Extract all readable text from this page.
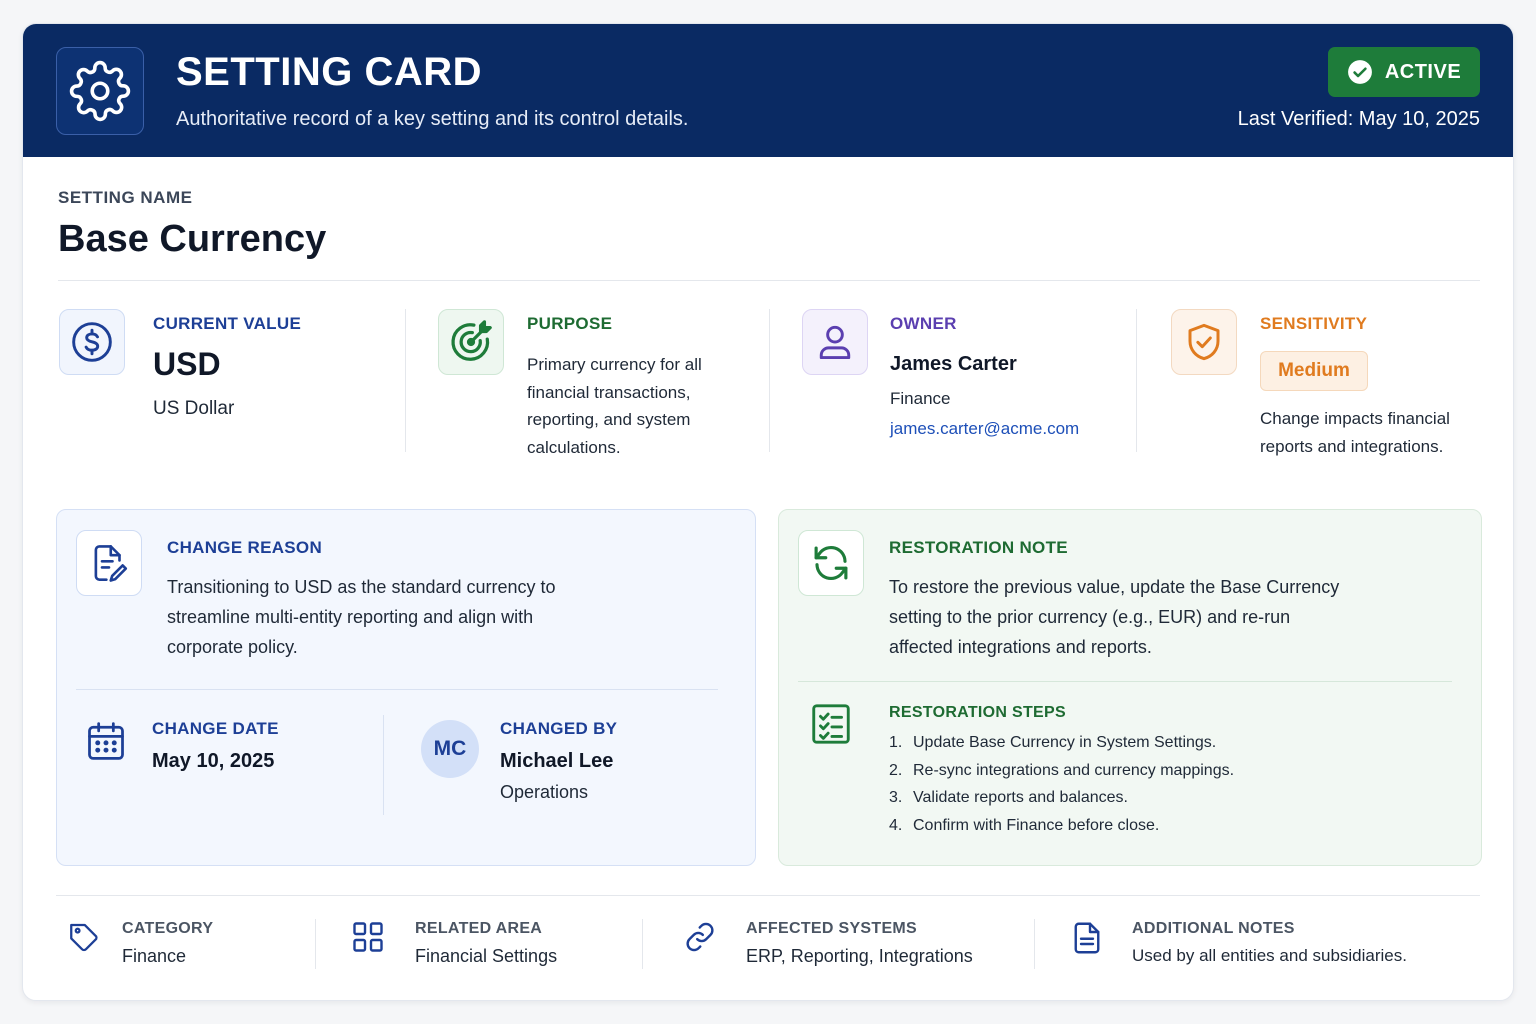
SETTING CARD
Authoritative record of a key setting and its control details.
ACTIVE
Last Verified: May 10, 2025
SETTING NAME
Base Currency
CURRENT VALUE
USD
US Dollar
PURPOSE
Primary currency for all
financial transactions,
reporting, and system
calculations.
OWNER
James Carter
Finance
james.carter@acme.com
SENSITIVITY
Medium
Change impacts financial
reports and integrations.
CHANGE REASON
Transitioning to USD as the standard currency to
streamline multi-entity reporting and align with
corporate policy.
CHANGE DATE
May 10, 2025
MC
CHANGED BY
Michael Lee
Operations
RESTORATION NOTE
To restore the previous value, update the Base Currency
setting to the prior currency (e.g., EUR) and re-run
affected integrations and reports.
RESTORATION STEPS
1. Update Base Currency in System Settings.
2. Re-sync integrations and currency mappings.
3. Validate reports and balances.
4. Confirm with Finance before close.
CATEGORY
Finance
RELATED AREA
Financial Settings
AFFECTED SYSTEMS
ERP, Reporting, Integrations
ADDITIONAL NOTES
Used by all entities and subsidiaries.
